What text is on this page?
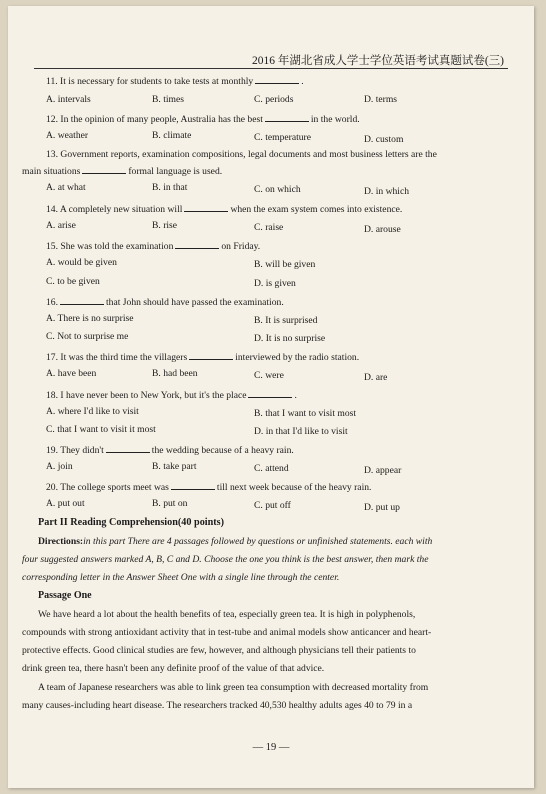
2016 年湖北省成人学士学位英语考试真题试卷(三)
11. It is necessary for students to take tests at monthly	.
A. intervals	B. times	C. periods	D. terms
12. In the opinion of many people, Australia has the best	in the world.
A. weather	B. climate	C. temperature	D. custom
13. Government reports, examination compositions, legal documents and most business letters are the
main situations	formal language is used.
A. at what	B. in that	C. on which	D. in which
14. A completely new situation will	when the exam system comes into existence.
A. arise	B. rise	C. raise	D. arouse
15. She was told the examination	on Friday.
A. would be given	B. will be given
C. to be given	D. is given
16.	that John should have passed the examination.
A. There is no surprise	B. It is surprised
C. Not to surprise me	D. It is no surprise
17. It was the third time the villagers	interviewed by the radio station.
A. have been	B. had been	C. were	D. are
18. I have never been to New York, but it's the place	.
A. where I'd like to visit	B. that I want to visit most
C. that I want to visit it most	D. in that I'd like to visit
19. They didn't	the wedding because of a heavy rain.
A. join	B. take part	C. attend	D. appear
20. The college sports meet was	till next week because of the heavy rain.
A. put out	B. put on	C. put off	D. put up
Part II Reading Comprehension(40 points)
Directions:in this part There are 4 passages followed by questions or unfinished statements. each with
four suggested answers marked A, B, C and D. Choose the one you think is the best answer, then mark the
corresponding letter in the Answer Sheet One with a single line through the center.
Passage One
We have heard a lot about the health benefits of tea, especially green tea. It is high in polyphenols,
compounds with strong antioxidant activity that in test-tube and animal models show anticancer and heart-
protective effects. Good clinical studies are few, however, and although physicians tell their patients to
drink green tea, there hasn't been any definite proof of the value of that advice.
A team of Japanese researchers was able to link green tea consumption with decreased mortality from
many causes-including heart disease. The researchers tracked 40,530 healthy adults ages 40 to 79 in a
— 19 —
